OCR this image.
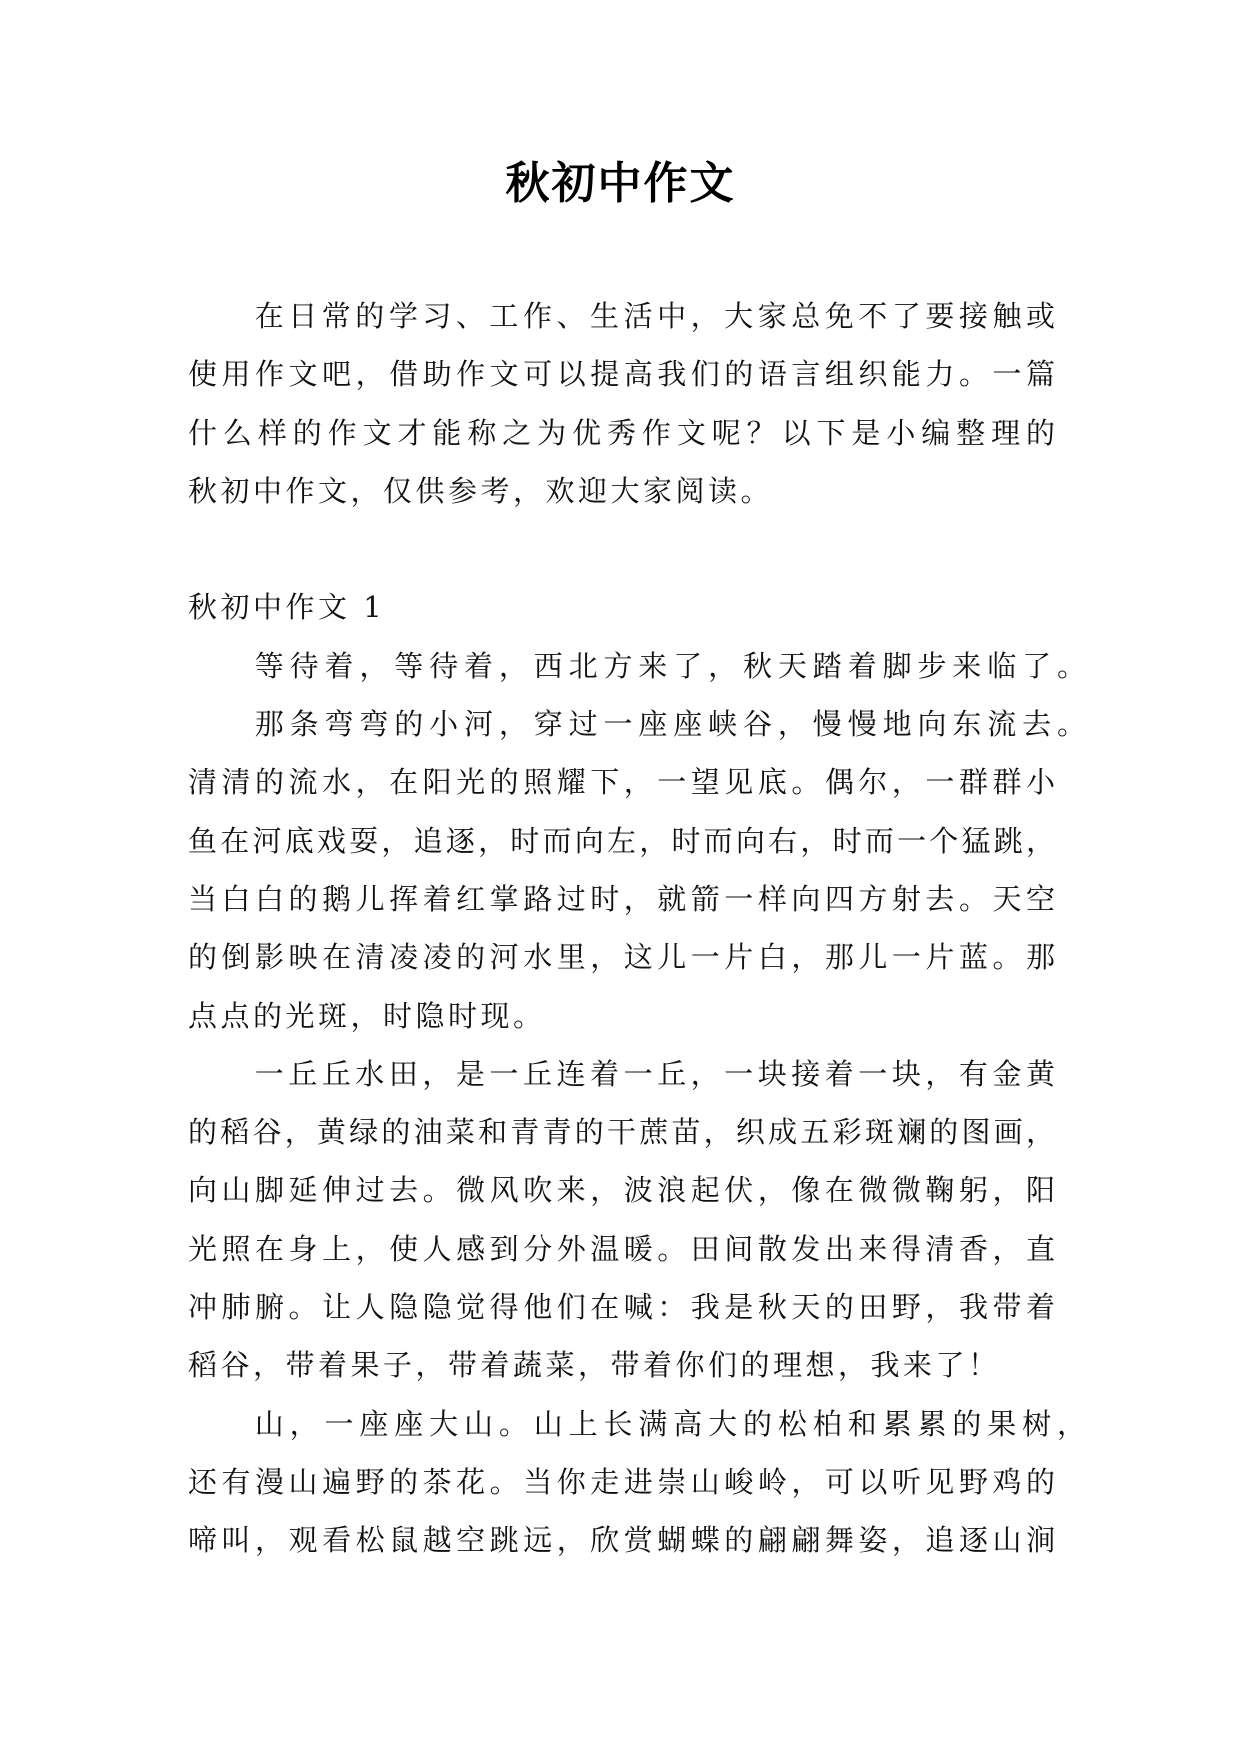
秋初中作文
在日常的学习、工作、生活中，大家总免不了要接触或
使用作文吧，借助作文可以提高我们的语言组织能力。一篇
什么样的作文才能称之为优秀作文呢？以下是小编整理的
秋初中作文，仅供参考，欢迎大家阅读。
秋初中作文 1
等待着，等待着，西北方来了，秋天踏着脚步来临了。
那条弯弯的小河，穿过一座座峡谷，慢慢地向东流去。
清清的流水，在阳光的照耀下，一望见底。偶尔，一群群小
鱼在河底戏耍，追逐，时而向左，时而向右，时而一个猛跳，
当白白的鹅儿挥着红掌路过时，就箭一样向四方射去。天空
的倒影映在清凌凌的河水里，这儿一片白，那儿一片蓝。那
点点的光斑，时隐时现。
一丘丘水田，是一丘连着一丘，一块接着一块，有金黄
的稻谷，黄绿的油菜和青青的干蔗苗，织成五彩斑斓的图画，
向山脚延伸过去。微风吹来，波浪起伏，像在微微鞠躬，阳
光照在身上，使人感到分外温暖。田间散发出来得清香，直
冲肺腑。让人隐隐觉得他们在喊：我是秋天的田野，我带着
稻谷，带着果子，带着蔬菜，带着你们的理想，我来了！
山，一座座大山。山上长满高大的松柏和累累的果树，
还有漫山遍野的茶花。当你走进崇山峻岭，可以听见野鸡的
啼叫，观看松鼠越空跳远，欣赏蝴蝶的翩翩舞姿，追逐山涧
